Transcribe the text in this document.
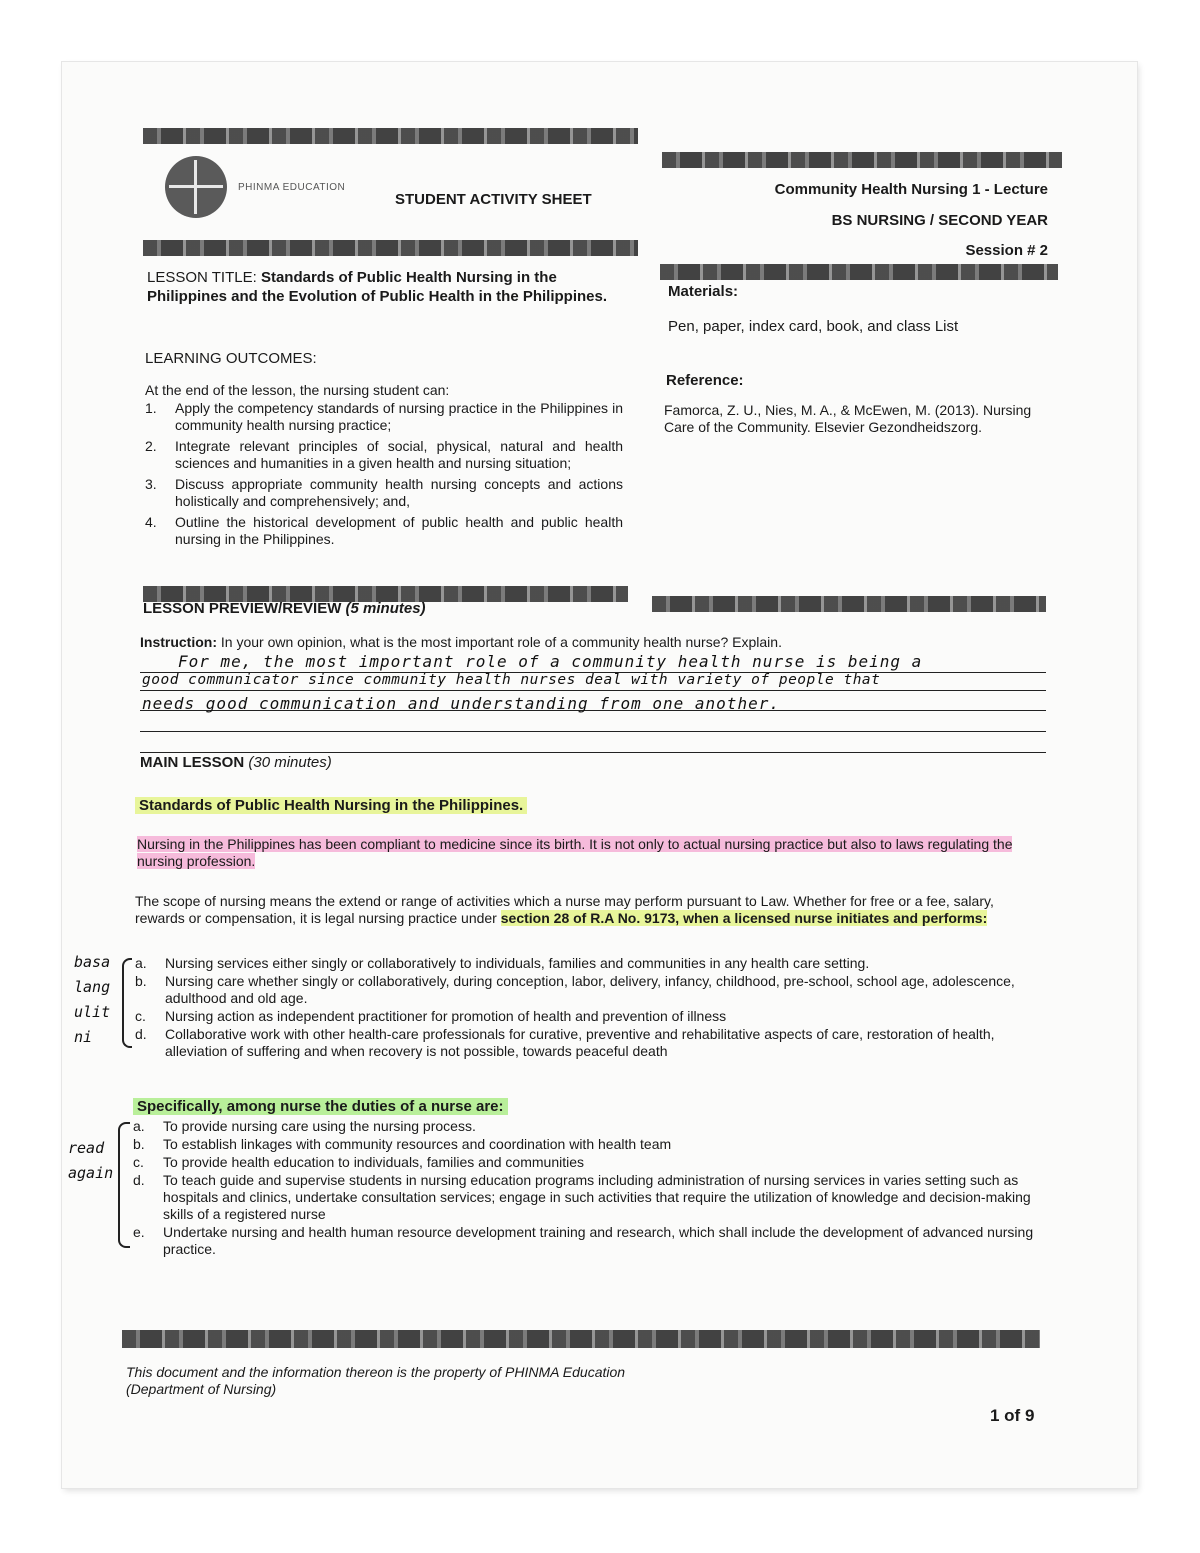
PHINMA EDUCATION
STUDENT ACTIVITY SHEET
Community Health Nursing 1 - Lecture
BS NURSING / SECOND YEAR
Session # 2
LESSON TITLE: Standards of Public Health Nursing in the Philippines and the Evolution of Public Health in the Philippines.
LEARNING OUTCOMES:
At the end of the lesson, the nursing student can:
1. Apply the competency standards of nursing practice in the Philippines in community health nursing practice;
2. Integrate relevant principles of social, physical, natural and health sciences and humanities in a given health and nursing situation;
3. Discuss appropriate community health nursing concepts and actions holistically and comprehensively; and,
4. Outline the historical development of public health and public health nursing in the Philippines.
Materials:
Pen, paper, index card, book, and class List
Reference:
Famorca, Z. U., Nies, M. A., & McEwen, M. (2013). Nursing Care of the Community. Elsevier Gezondheidszorg.
LESSON PREVIEW/REVIEW (5 minutes)
Instruction: In your own opinion, what is the most important role of a community health nurse? Explain.
For me, the most important role of a community health nurse is being a
good communicator since community health nurses deal with variety of people that
needs good communication and understanding from one another.
MAIN LESSON (30 minutes)
Standards of Public Health Nursing in the Philippines.
Nursing in the Philippines has been compliant to medicine since its birth. It is not only to actual nursing practice but also to laws regulating the nursing profession.
The scope of nursing means the extend or range of activities which a nurse may perform pursuant to Law. Whether for free or a fee, salary, rewards or compensation, it is legal nursing practice under section 28 of R.A No. 9173, when a licensed nurse initiates and performs:
a. Nursing services either singly or collaboratively to individuals, families and communities in any health care setting.
b. Nursing care whether singly or collaboratively, during conception, labor, delivery, infancy, childhood, pre-school, school age, adolescence, adulthood and old age.
c. Nursing action as independent practitioner for promotion of health and prevention of illness
d. Collaborative work with other health-care professionals for curative, preventive and rehabilitative aspects of care, restoration of health, alleviation of suffering and when recovery is not possible, towards peaceful death
basa
lang
ulit
ni
Specifically, among nurse the duties of a nurse are:
a. To provide nursing care using the nursing process.
b. To establish linkages with community resources and coordination with health team
c. To provide health education to individuals, families and communities
d. To teach guide and supervise students in nursing education programs including administration of nursing services in varies setting such as hospitals and clinics, undertake consultation services; engage in such activities that require the utilization of knowledge and decision-making skills of a registered nurse
e. Undertake nursing and health human resource development training and research, which shall include the development of advanced nursing practice.
read
again
This document and the information thereon is the property of PHINMA Education (Department of Nursing)
1 of 9
